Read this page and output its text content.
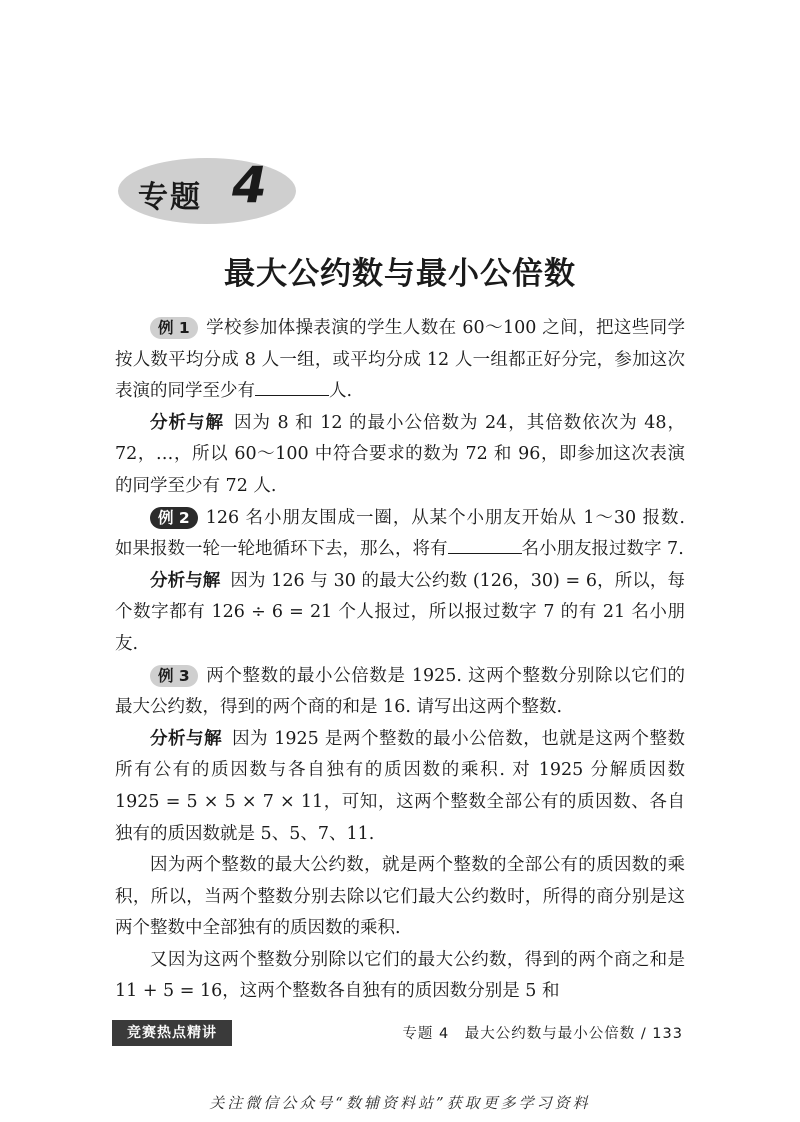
专题 4
最大公约数与最小公倍数

例 1 学校参加体操表演的学生人数在 60～100 之间，把这些同学按人数平均分成 8 人一组，或平均分成 12 人一组都正好分完，参加这次表演的同学至少有	人.

分析与解 因为 8 和 12 的最小公倍数为 24，其倍数依次为 48，72，…，所以 60～100 中符合要求的数为 72 和 96，即参加这次表演的同学至少有 72 人.

例 2 126 名小朋友围成一圈，从某个小朋友开始从 1～30 报数. 如果报数一轮一轮地循环下去，那么，将有	名小朋友报过数字 7.

分析与解 因为 126 与 30 的最大公约数 (126，30) = 6，所以，每个数字都有 126 ÷ 6 = 21 个人报过，所以报过数字 7 的有 21 名小朋友.

例 3 两个整数的最小公倍数是 1925. 这两个整数分别除以它们的最大公约数，得到的两个商的和是 16. 请写出这两个整数.

分析与解 因为 1925 是两个整数的最小公倍数，也就是这两个整数所有公有的质因数与各自独有的质因数的乘积. 对 1925 分解质因数 1925 = 5 × 5 × 7 × 11，可知，这两个整数全部公有的质因数、各自独有的质因数就是 5、5、7、11.

因为两个整数的最大公约数，就是两个整数的全部公有的质因数的乘积，所以，当两个整数分别去除以它们最大公约数时，所得的商分别是这两个整数中全部独有的质因数的乘积.

又因为这两个整数分别除以它们的最大公约数，得到的两个商之和是 11 + 5 = 16，这两个整数各自独有的质因数分别是 5 和

竞赛热点精讲	专题 4　最大公约数与最小公倍数 / 133
关注微信公众号“数辅资料站”获取更多学习资料
